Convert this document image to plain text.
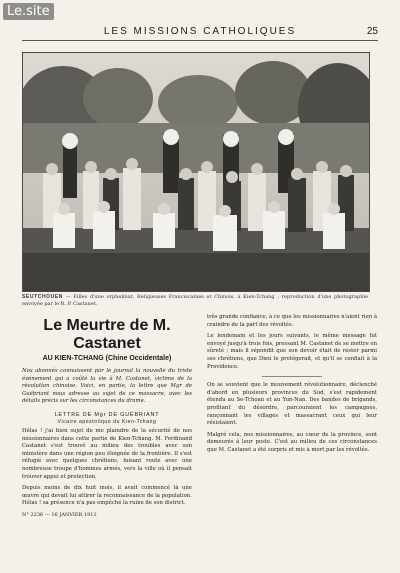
Le.site
LES MISSIONS CATHOLIQUES	25
SEUTCHOUEN — Filles d'une orphelinat. Religieuses Franciscaines et Chinois, à Kien-Tchang ; reproduction d'une photographie envoyée par le R. P. Castanet.
Le Meurtre de M. Castanet
AU KIEN-TCHANG (Chine Occidentale)

Nos abonnés connaissent par le journal la nouvelle du triste événement qui a coûté la vie à M. Castanet, victime de la révolution chinoise. Voici, en partie, la lettre que Mgr de Guébriant nous adresse au sujet de ce massacre, avec les détails précis sur les circonstances du drame.

LETTRE DE Mgr DE GUÉBRIANT
Vicaire apostolique du Kien-Tchang

Hélas ! j'ai bien sujet de me plaindre de la sécurité de nos missionnaires dans cette partie de Kien-Tchang. M. Ferdinand Castanet s'est trouvé au milieu des troubles avec son ministère dans une région peu éloignée de la frontière. Il s'est réfugié avec quelques chrétiens, faisant route avec une nombreuse troupe d'hommes armés, vers la ville où il pensait trouver appui et protection.

Depuis moins de dix huit mois, il avait commencé là une œuvre qui devait lui attirer la reconnaissance de la population. Hélas ! sa présence n'a pas empêché la ruine de son district.

N° 2236 — 16 JANVIER 1912

très grande confiance, à ce que les missionnaires n'aient rien à craindre de la part des révoltés.

Le lendemain et les jours suivants, le même message fut envoyé jusqu'à trois fois, pressant M. Castanet de se mettre en sûreté ; mais il répondit que son devoir était de rester parmi ses chrétiens, que Dieu le protégerait, et qu'il se confiait à la Providence.

On se souvient que le mouvement révolutionnaire, déclenché d'abord en plusieurs provinces du Sud, s'est rapidement étendu au Se-Tchoan et au Yun-Nan. Des bandes de brigands, profitant du désordre, parcouraient les campagnes, rançonnant les villages et massacrant ceux qui leur résistaient.

Malgré cela, nos missionnaires, au cœur de la province, sont demeurés à leur poste. C'est au milieu de ces circonstances que M. Castanet a été surpris et mis à mort par les révoltés.
